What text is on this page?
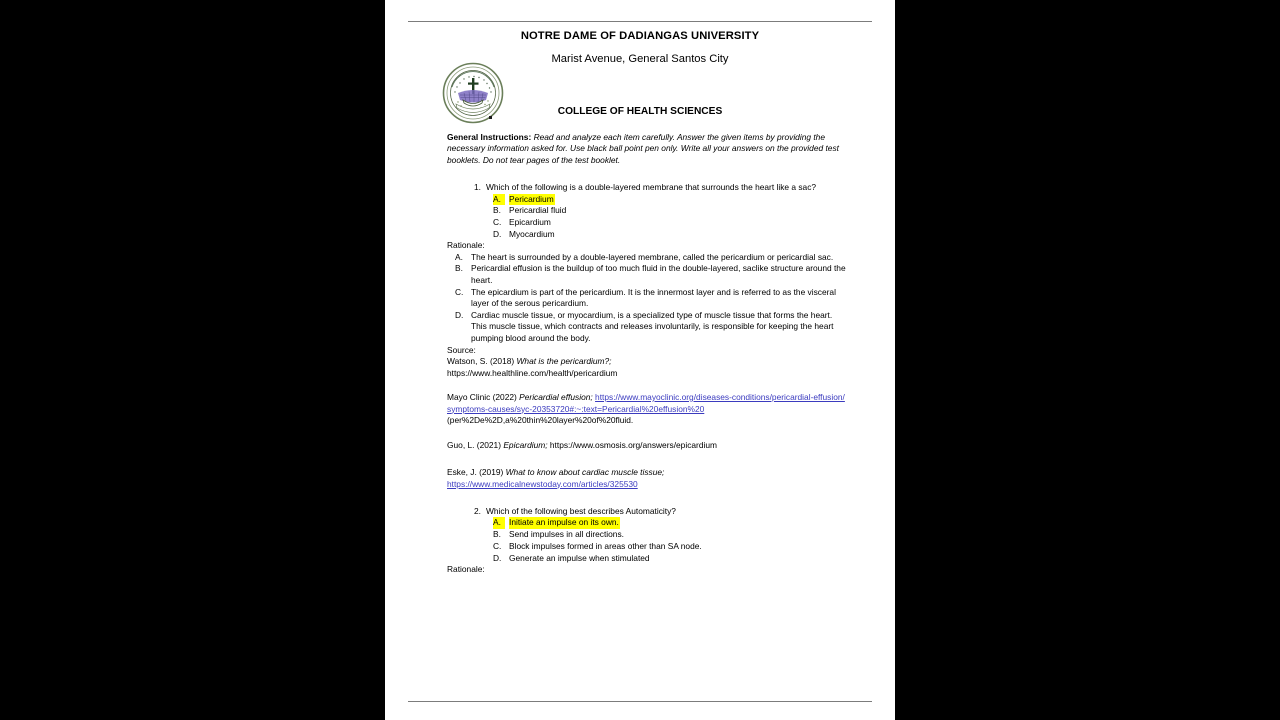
NOTRE DAME OF DADIANGAS UNIVERSITY
Marist Avenue, General Santos City
COLLEGE OF HEALTH SCIENCES
General Instructions: Read and analyze each item carefully. Answer the given items by providing the necessary information asked for. Use black ball point pen only. Write all your answers on the provided test booklets. Do not tear pages of the test booklet.
1. Which of the following is a double-layered membrane that surrounds the heart like a sac?
A. Pericardium
B. Pericardial fluid
C. Epicardium
D. Myocardium
Rationale:
A. The heart is surrounded by a double-layered membrane, called the pericardium or pericardial sac.
B. Pericardial effusion is the buildup of too much fluid in the double-layered, saclike structure around the heart.
C. The epicardium is part of the pericardium. It is the innermost layer and is referred to as the visceral layer of the serous pericardium.
D. Cardiac muscle tissue, or myocardium, is a specialized type of muscle tissue that forms the heart. This muscle tissue, which contracts and releases involuntarily, is responsible for keeping the heart pumping blood around the body.
Source:
Watson, S. (2018) What is the pericardium?;
https://www.healthline.com/health/pericardium
Mayo Clinic (2022) Pericardial effusion; https://www.mayoclinic.org/diseases-conditions/pericardial-effusion/symptoms-causes/syc-20353720#:~:text=Pericardial%20effusion%20(per%2De%2D,a%20thin%20layer%20of%20fluid.
Guo, L. (2021) Epicardium; https://www.osmosis.org/answers/epicardium
Eske, J. (2019) What to know about cardiac muscle tissue;
https://www.medicalnewstoday.com/articles/325530
2. Which of the following best describes Automaticity?
A. Initiate an impulse on its own.
B. Send impulses in all directions.
C. Block impulses formed in areas other than SA node.
D. Generate an impulse when stimulated
Rationale:
